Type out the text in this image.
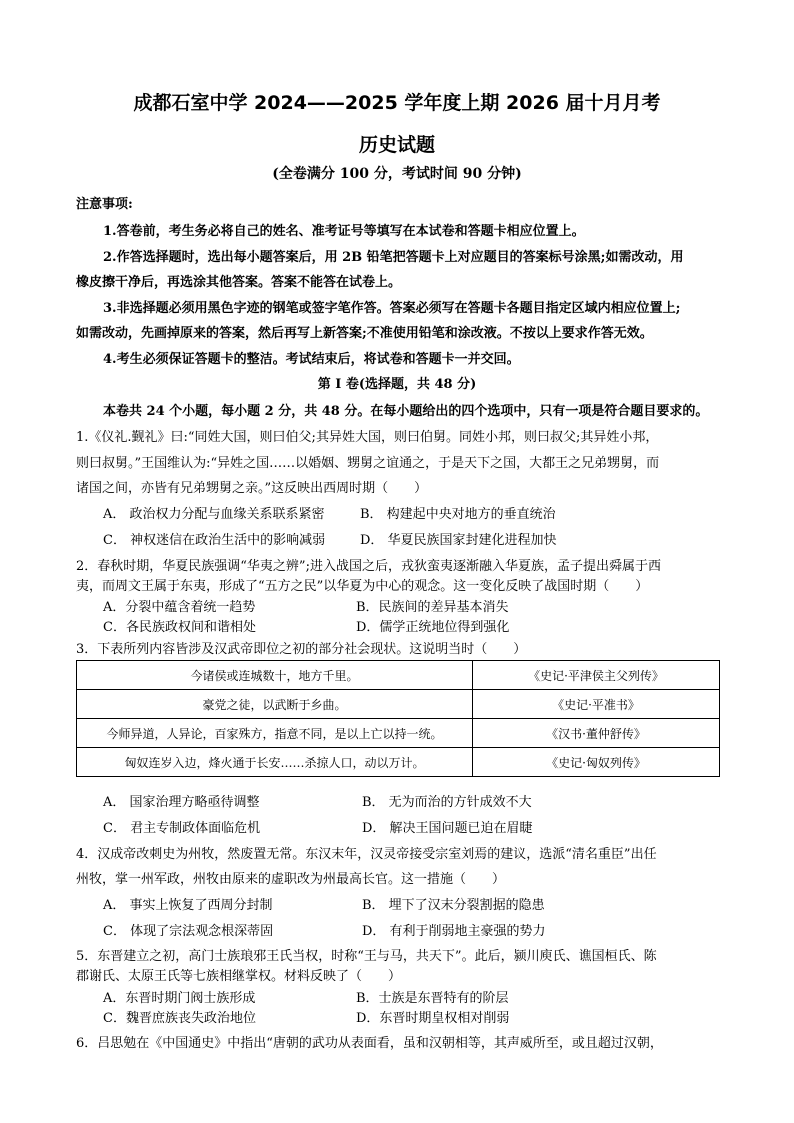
成都石室中学 2024——2025 学年度上期 2026 届十月月考
历史试题
(全卷满分 100 分，考试时间 90 分钟)
注意事项:
1.答卷前，考生务必将自己的姓名、准考证号等填写在本试卷和答题卡相应位置上。
2.作答选择题时，选出每小题答案后，用 2B 铅笔把答题卡上对应题目的答案标号涂黑;如需改动，用
橡皮擦干净后，再选涂其他答案。答案不能答在试卷上。
3.非选择题必须用黑色字迹的钢笔或签字笔作答。答案必须写在答题卡各题目指定区域内相应位置上;
如需改动，先画掉原来的答案，然后再写上新答案;不准使用铅笔和涂改液。不按以上要求作答无效。
4.考生必须保证答题卡的整洁。考试结束后，将试卷和答题卡一并交回。
第 I 卷(选择题，共 48 分)
本卷共 24 个小题，每小题 2 分，共 48 分。在每小题给出的四个选项中，只有一项是符合题目要求的。
1.《仪礼.觐礼》曰:“同姓大国，则曰伯父;其异姓大国，则曰伯舅。同姓小邦，则曰叔父;其异姓小邦，
则曰叔舅。”王国维认为:“异姓之国……以婚姻、甥舅之谊通之，于是天下之国，大都王之兄弟甥舅，而
诸国之间，亦皆有兄弟甥舅之亲。”这反映出西周时期（　　）
A． 政治权力分配与血缘关系联系紧密	B． 构建起中央对地方的垂直统治
C． 神权迷信在政治生活中的影响减弱	D． 华夏民族国家封建化进程加快
2．春秋时期，华夏民族强调“华夷之辨”;进入战国之后，戎狄蛮夷逐渐融入华夏族，孟子提出舜属于西
夷，而周文王属于东夷，形成了“五方之民”以华夏为中心的观念。这一变化反映了战国时期（　　）
A．分裂中蕴含着统一趋势	B．民族间的差异基本消失
C．各民族政权间和谐相处	D．儒学正统地位得到强化
3．下表所列内容皆涉及汉武帝即位之初的部分社会现状。这说明当时（　　）
今诸侯或连城数十，地方千里。	《史记·平津侯主父列传》
豪党之徒，以武断于乡曲。	《史记·平准书》
今师异道，人异论，百家殊方，指意不同，是以上亡以持一统。	《汉书·董仲舒传》
匈奴连岁入边，烽火通于长安……杀掠人口，动以万计。	《史记·匈奴列传》
A． 国家治理方略亟待调整	B． 无为而治的方针成效不大
C． 君主专制政体面临危机	D． 解决王国问题已迫在眉睫
4．汉成帝改刺史为州牧，然废置无常。东汉末年，汉灵帝接受宗室刘焉的建议，选派“清名重臣”出任
州牧，掌一州军政，州牧由原来的虚职改为州最高长官。这一措施（　　）
A． 事实上恢复了西周分封制	B． 埋下了汉末分裂割据的隐患
C． 体现了宗法观念根深蒂固	D． 有利于削弱地主豪强的势力
5．东晋建立之初，高门士族琅邪王氏当权，时称“王与马，共天下”。此后，颍川庾氏、谯国桓氏、陈
郡谢氏、太原王氏等七族相继掌权。材料反映了（　　）
A．东晋时期门阀士族形成	B．士族是东晋特有的阶层
C．魏晋庶族丧失政治地位	D．东晋时期皇权相对削弱
6．吕思勉在《中国通史》中指出“唐朝的武功从表面看，虽和汉朝相等，其声威所至，或且超过汉朝，
